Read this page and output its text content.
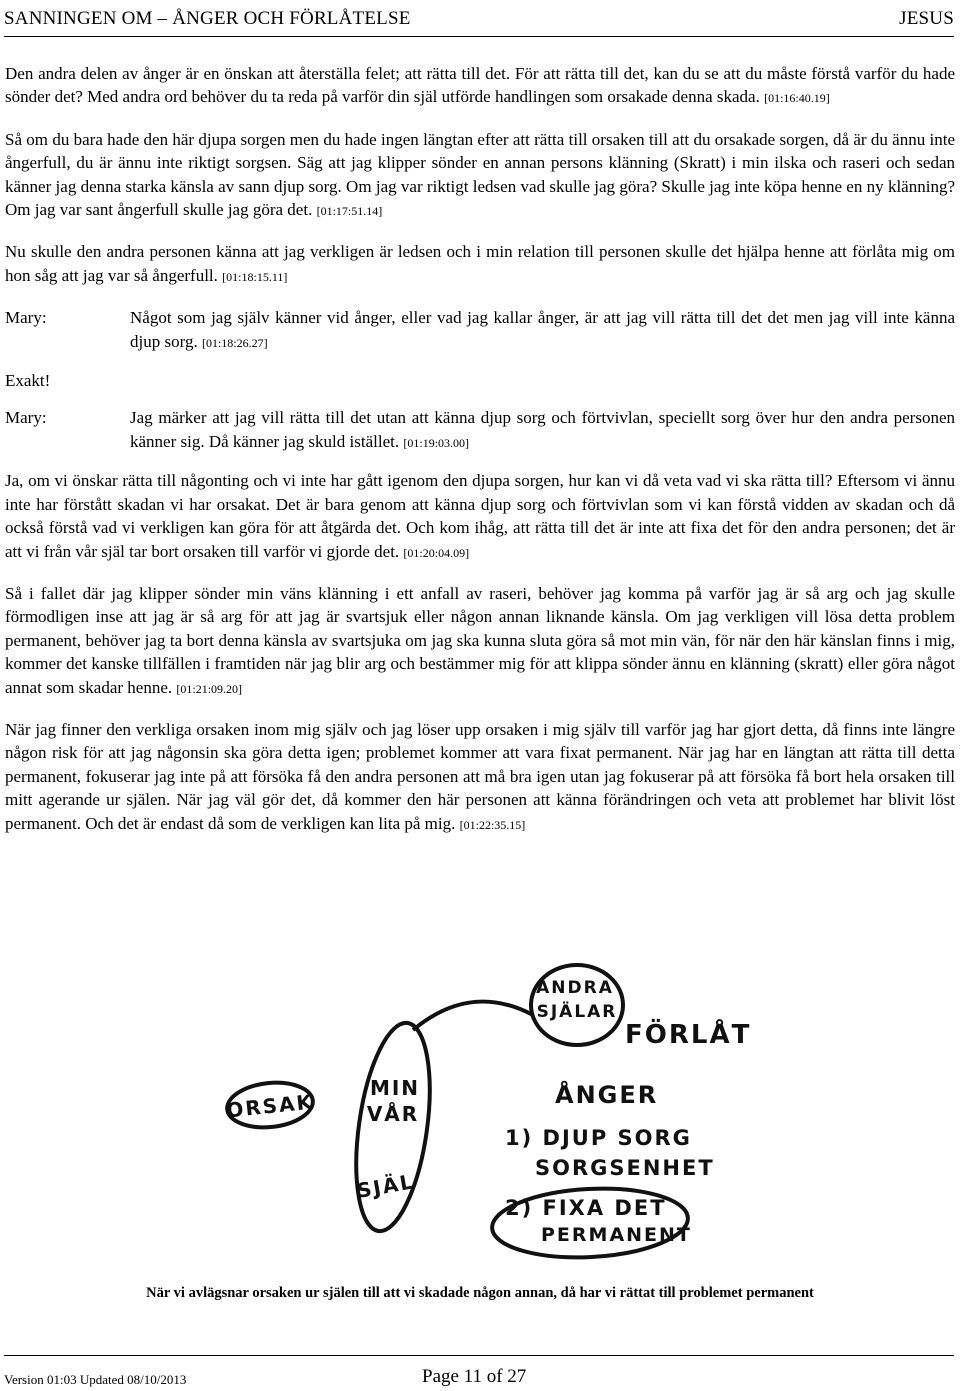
SANNINGEN OM – ÅNGER OCH FÖRLÅTELSE	JESUS

Den andra delen av ånger är en önskan att återställa felet; att rätta till det. För att rätta till det, kan du se att du måste förstå varför du hade sönder det? Med andra ord behöver du ta reda på varför din själ utförde handlingen som orsakade denna skada. [01:16:40.19]

Så om du bara hade den här djupa sorgen men du hade ingen längtan efter att rätta till orsaken till att du orsakade sorgen, då är du ännu inte ångerfull, du är ännu inte riktigt sorgsen. Säg att jag klipper sönder en annan persons klänning (Skratt) i min ilska och raseri och sedan känner jag denna starka känsla av sann djup sorg. Om jag var riktigt ledsen vad skulle jag göra? Skulle jag inte köpa henne en ny klänning? Om jag var sant ångerfull skulle jag göra det. [01:17:51.14]

Nu skulle den andra personen känna att jag verkligen är ledsen och i min relation till personen skulle det hjälpa henne att förlåta mig om hon såg att jag var så ångerfull. [01:18:15.11]

Mary:	Något som jag själv känner vid ånger, eller vad jag kallar ånger, är att jag vill rätta till det det men jag vill inte känna djup sorg. [01:18:26.27]
Exakt!
Mary:	Jag märker att jag vill rätta till det utan att känna djup sorg och förtvivlan, speciellt sorg över hur den andra personen känner sig. Då känner jag skuld istället. [01:19:03.00]

Ja, om vi önskar rätta till någonting och vi inte har gått igenom den djupa sorgen, hur kan vi då veta vad vi ska rätta till? Eftersom vi ännu inte har förstått skadan vi har orsakat. Det är bara genom att känna djup sorg och förtvivlan som vi kan förstå vidden av skadan och då också förstå vad vi verkligen kan göra för att åtgärda det. Och kom ihåg, att rätta till det är inte att fixa det för den andra personen; det är att vi från vår själ tar bort orsaken till varför vi gjorde det. [01:20:04.09]

Så i fallet där jag klipper sönder min väns klänning i ett anfall av raseri, behöver jag komma på varför jag är så arg och jag skulle förmodligen inse att jag är så arg för att jag är svartsjuk eller någon annan liknande känsla. Om jag verkligen vill lösa detta problem permanent, behöver jag ta bort denna känsla av svartsjuka om jag ska kunna sluta göra så mot min vän, för när den här känslan finns i mig, kommer det kanske tillfällen i framtiden när jag blir arg och bestämmer mig för att klippa sönder ännu en klänning (skratt) eller göra något annat som skadar henne. [01:21:09.20]

När jag finner den verkliga orsaken inom mig själv och jag löser upp orsaken i mig själv till varför jag har gjort detta, då finns inte längre någon risk för att jag någonsin ska göra detta igen; problemet kommer att vara fixat permanent. När jag har en längtan att rätta till detta permanent, fokuserar jag inte på att försöka få den andra personen att må bra igen utan jag fokuserar på att försöka få bort hela orsaken till mitt agerande ur själen. När jag väl gör det, då kommer den här personen att känna förändringen och veta att problemet har blivit löst permanent. Och det är endast då som de verkligen kan lita på mig. [01:22:35.15]

ORSAK
MIN
VÅR
SJÄL
ANDRA
SJÄLAR
FÖRLÅT
ÅNGER
1) DJUP SORG
SORGSENHET
2) FIXA DET
PERMANENT
När vi avlägsnar orsaken ur själen till att vi skadade någon annan, då har vi rättat till problemet permanent
Version 01:03 Updated 08/10/2013	Page 11 of 27
